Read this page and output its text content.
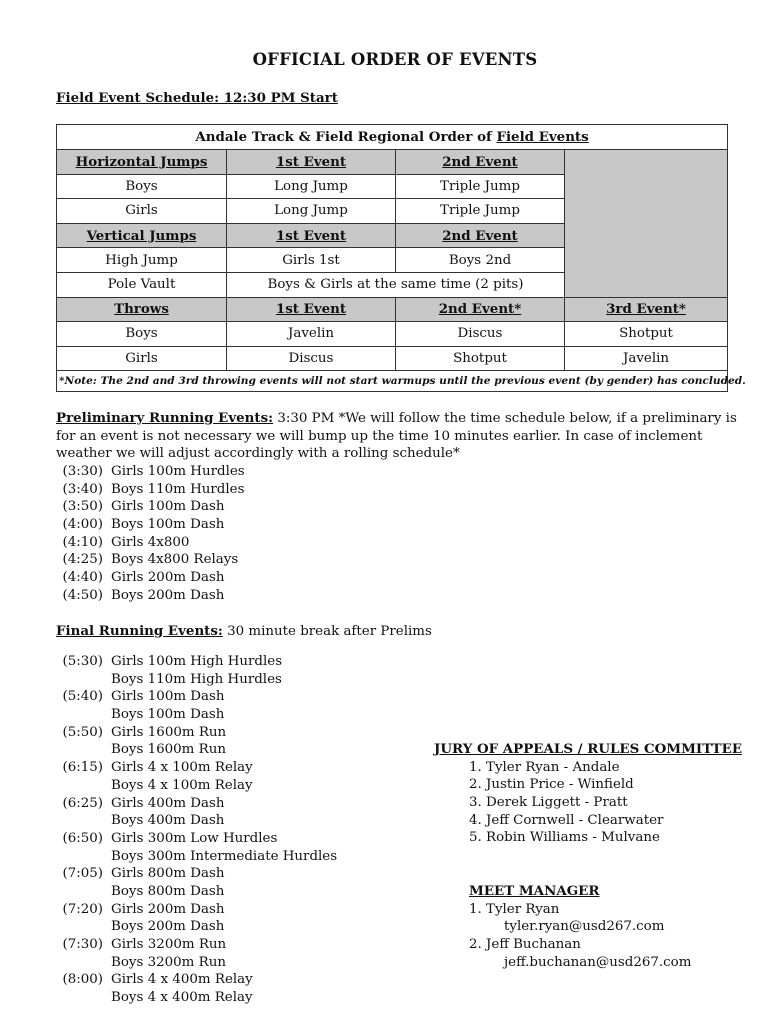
OFFICIAL ORDER OF EVENTS
Field Event Schedule: 12:30 PM Start
Andale Track & Field Regional Order of Field Events			
Horizontal Jumps	1st Event	2nd Event	
Boys	Long Jump	Triple Jump	
Girls	Long Jump	Triple Jump	
Vertical Jumps	1st Event	2nd Event	
High Jump	Girls 1st	Boys 2nd	
Pole Vault	Boys & Girls at the same time (2 pits)		
Throws	1st Event	2nd Event*	3rd Event*
Boys	Javelin	Discus	Shotput
Girls	Discus	Shotput	Javelin
*Note: The 2nd and 3rd throwing events will not start warmups until the previous event (by gender) has concluded.			
Preliminary Running Events: 3:30 PM *We will follow the time schedule below, if a preliminary is for an event is not necessary we will bump up the time 10 minutes earlier. In case of inclement weather we will adjust accordingly with a rolling schedule*
(3:30) Girls 100m Hurdles
(3:40) Boys 110m Hurdles
(3:50) Girls 100m Dash
(4:00) Boys 100m Dash
(4:10) Girls 4x800
(4:25) Boys 4x800 Relays
(4:40) Girls 200m Dash
(4:50) Boys 200m Dash
Final Running Events: 30 minute break after Prelims
(5:30) Girls 100m High Hurdles
Boys 110m High Hurdles
(5:40) Girls 100m Dash
Boys 100m Dash
(5:50) Girls 1600m Run
Boys 1600m Run
(6:15) Girls 4 x 100m Relay
Boys 4 x 100m Relay
(6:25) Girls 400m Dash
Boys 400m Dash
(6:50) Girls 300m Low Hurdles
Boys 300m Intermediate Hurdles
(7:05) Girls 800m Dash
Boys 800m Dash
(7:20) Girls 200m Dash
Boys 200m Dash
(7:30) Girls 3200m Run
Boys 3200m Run
(8:00) Girls 4 x 400m Relay
Boys 4 x 400m Relay
JURY OF APPEALS / RULES COMMITTEE
1. Tyler Ryan - Andale
2. Justin Price - Winfield
3. Derek Liggett - Pratt
4. Jeff Cornwell - Clearwater
5. Robin Williams - Mulvane
MEET MANAGER
1. Tyler Ryan
tyler.ryan@usd267.com
2. Jeff Buchanan
jeff.buchanan@usd267.com
